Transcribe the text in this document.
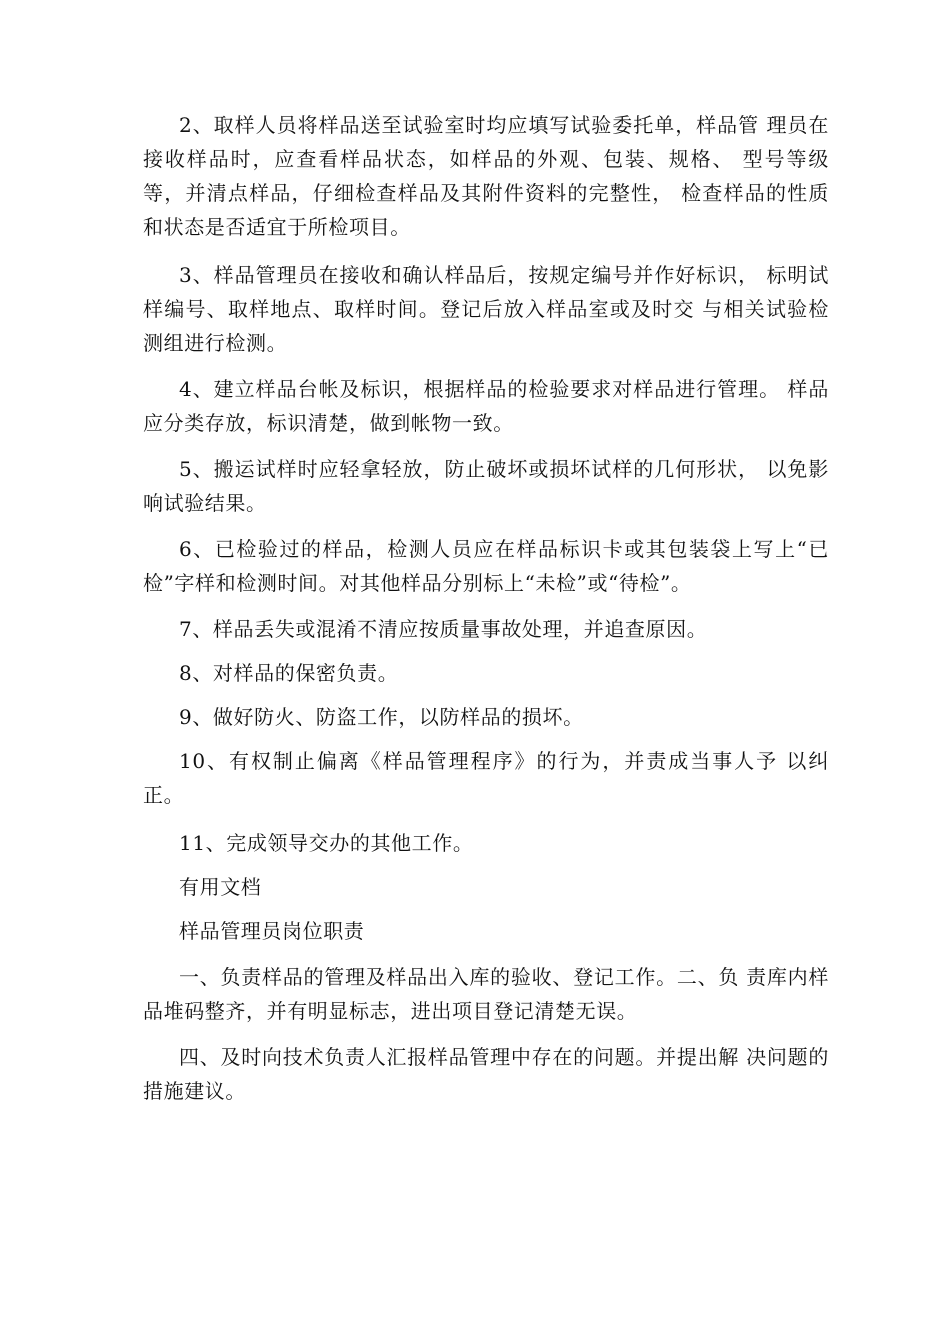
2、取样人员将样品送至试验室时均应填写试验委托单，样品管 理员在接收样品时，应查看样品状态，如样品的外观、包装、规格、 型号等级等，并清点样品，仔细检查样品及其附件资料的完整性， 检查样品的性质和状态是否适宜于所检项目。

3、样品管理员在接收和确认样品后，按规定编号并作好标识， 标明试样编号、取样地点、取样时间。登记后放入样品室或及时交 与相关试验检测组进行检测。

4、建立样品台帐及标识，根据样品的检验要求对样品进行管理。 样品应分类存放，标识清楚，做到帐物一致。

5、搬运试样时应轻拿轻放，防止破坏或损坏试样的几何形状， 以免影响试验结果。

6、已检验过的样品，检测人员应在样品标识卡或其包装袋上写上“已检”字样和检测时间。对其他样品分别标上“未检”或“待检”。

7、样品丢失或混淆不清应按质量事故处理，并追查原因。

8、对样品的保密负责。

9、做好防火、防盗工作，以防样品的损坏。

10、有权制止偏离《样品管理程序》的行为，并责成当事人予 以纠正。

11、完成领导交办的其他工作。

有用文档

样品管理员岗位职责

一、负责样品的管理及样品出入库的验收、登记工作。二、负 责库内样品堆码整齐，并有明显标志，进出项目登记清楚无误。

四、及时向技术负责人汇报样品管理中存在的问题。并提出解 决问题的措施建议。
